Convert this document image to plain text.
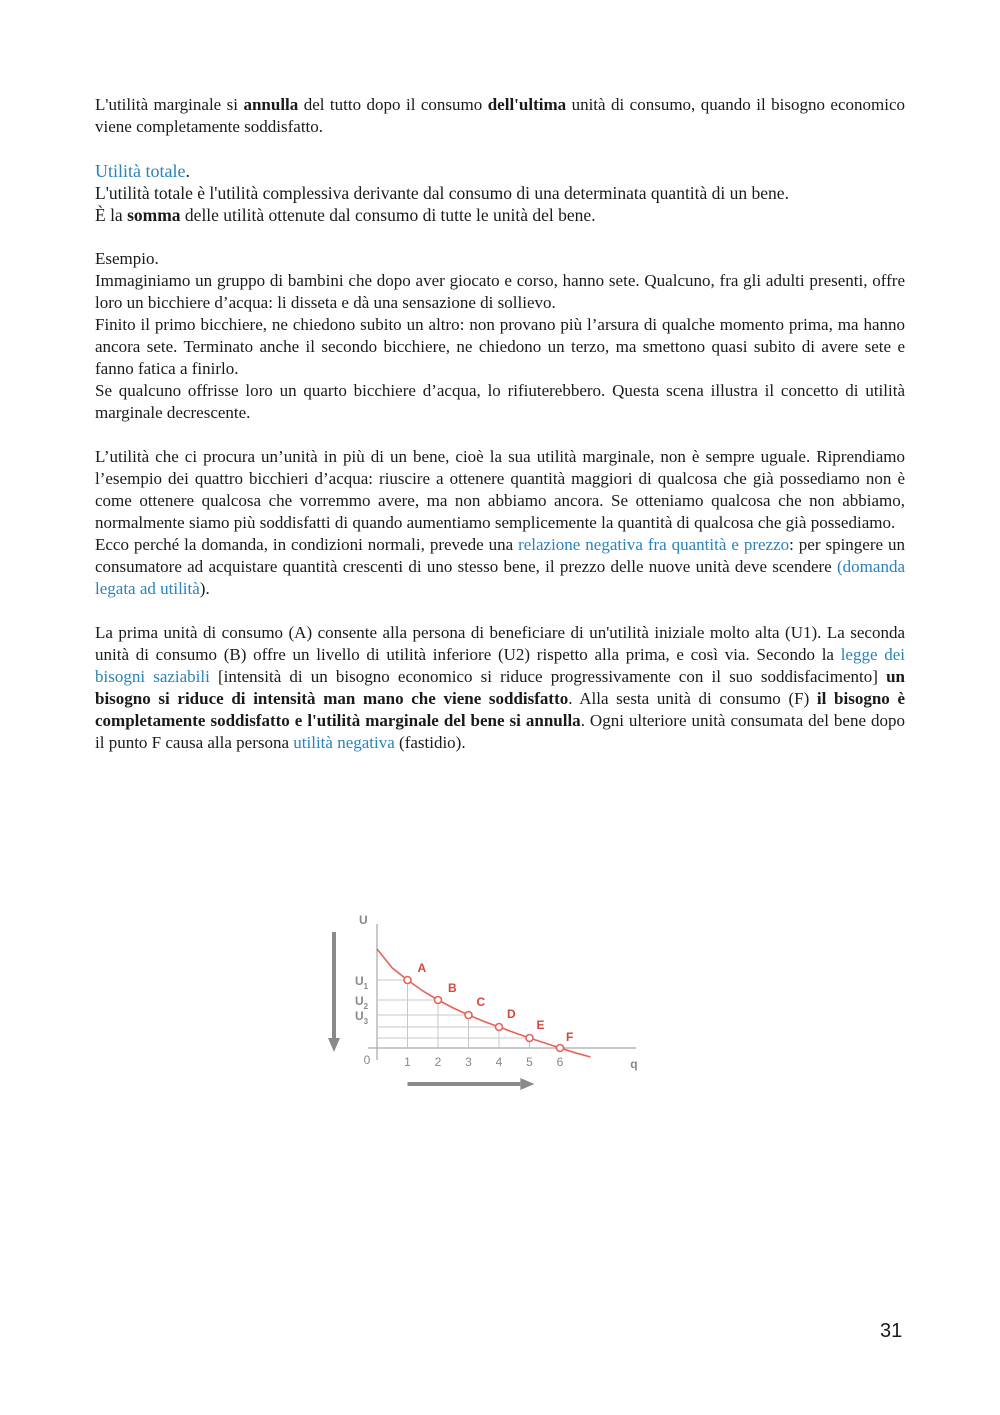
L'utilità marginale si annulla del tutto dopo il consumo dell'ultima unità di consumo, quando il bisogno economico viene completamente soddisfatto.

Utilità totale.

L'utilità totale è l'utilità complessiva derivante dal consumo di una determinata quantità di un bene.

È la somma delle utilità ottenute dal consumo di tutte le unità del bene.

Esempio.

Immaginiamo un gruppo di bambini che dopo aver giocato e corso, hanno sete. Qualcuno, fra gli adulti presenti, offre loro un bicchiere d’acqua: li disseta e dà una sensazione di sollievo.

Finito il primo bicchiere, ne chiedono subito un altro: non provano più l’arsura di qualche momento prima, ma hanno ancora sete. Terminato anche il secondo bicchiere, ne chiedono un terzo, ma smettono quasi subito di avere sete e fanno fatica a finirlo.

Se qualcuno offrisse loro un quarto bicchiere d’acqua, lo rifiuterebbero. Questa scena illustra il concetto di utilità marginale decrescente.

L’utilità che ci procura un’unità in più di un bene, cioè la sua utilità marginale, non è sempre uguale. Riprendiamo l’esempio dei quattro bicchieri d’acqua: riuscire a ottenere quantità maggiori di qualcosa che già possediamo non è come ottenere qualcosa che vorremmo avere, ma non abbiamo ancora. Se otteniamo qualcosa che non abbiamo, normalmente siamo più soddisfatti di quando aumentiamo semplicemente la quantità di qualcosa che già possediamo.

Ecco perché la domanda, in condizioni normali, prevede una relazione negativa fra quantità e prezzo: per spingere un consumatore ad acquistare quantità crescenti di uno stesso bene, il prezzo delle nuove unità deve scendere (domanda legata ad utilità).

La prima unità di consumo (A) consente alla persona di beneficiare di un'utilità iniziale molto alta (U1). La seconda unità di consumo (B) offre un livello di utilità inferiore (U2) rispetto alla prima, e così via. Secondo la legge dei bisogni saziabili [intensità di un bisogno economico si riduce progressivamente con il suo soddisfacimento] un bisogno si riduce di intensità man mano che viene soddisfatto. Alla sesta unità di consumo (F) il bisogno è completamente soddisfatto e l'utilità marginale del bene si annulla. Ogni ulteriore unità consumata del bene dopo il punto F causa alla persona utilità negativa (fastidio).

A
B
C
D
E
F
1 2 3 4 5 6
0
$U_1$
$U_2$
$U_3$
U
q
31
